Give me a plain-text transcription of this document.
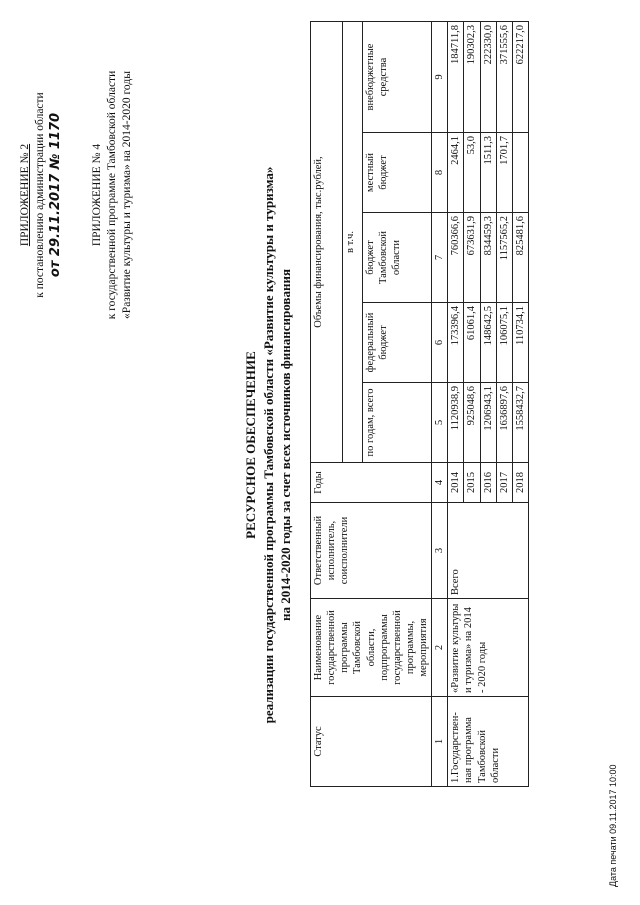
ПРИЛОЖЕНИЕ № 2 к постановлению администрации области от 29.11.2017 № 1170 ПРИЛОЖЕНИЕ № 4 к государственной программе Тамбовской области «Развитие культуры и туризма» на 2014-2020 годы
РЕСУРСНОЕ ОБЕСПЕЧЕНИЕ реализации государственной программы Тамбовской области «Развитие культуры и туризма» на 2014-2020 годы за счет всех источников финансирования
Статус	Наименование государственной программы Тамбовской области, подпрограммы государственной программы, мероприятия	Ответственный исполнитель, соисполнители	Годы	Объемы финансирования, тыс.рублей,				

				в т.ч.				
				по годам, всего	федеральный бюджет	бюджет Тамбовской области	местный бюджет	внебюджетные средства
1	2	3	4	5	6	7	8	9
1.Государствен-ная программа Тамбовской области	«Развитие культуры и туризма» на 2014 - 2020 годы	Всего	2014	1120938,9	173396,4	760366,6	2464,1	184711,8
			2015	925048,6	61061,4	673631,9	53,0	190302,3
			2016	1206943,1	148642,5	834459,3	1511,3	222330,0
			2017	1636897,6	106075,1	1157565,2	1701,7	371555,6
			2018	1558432,7	110734,1	825481,6		622217,0
Дата печати 09.11.2017 10:00
